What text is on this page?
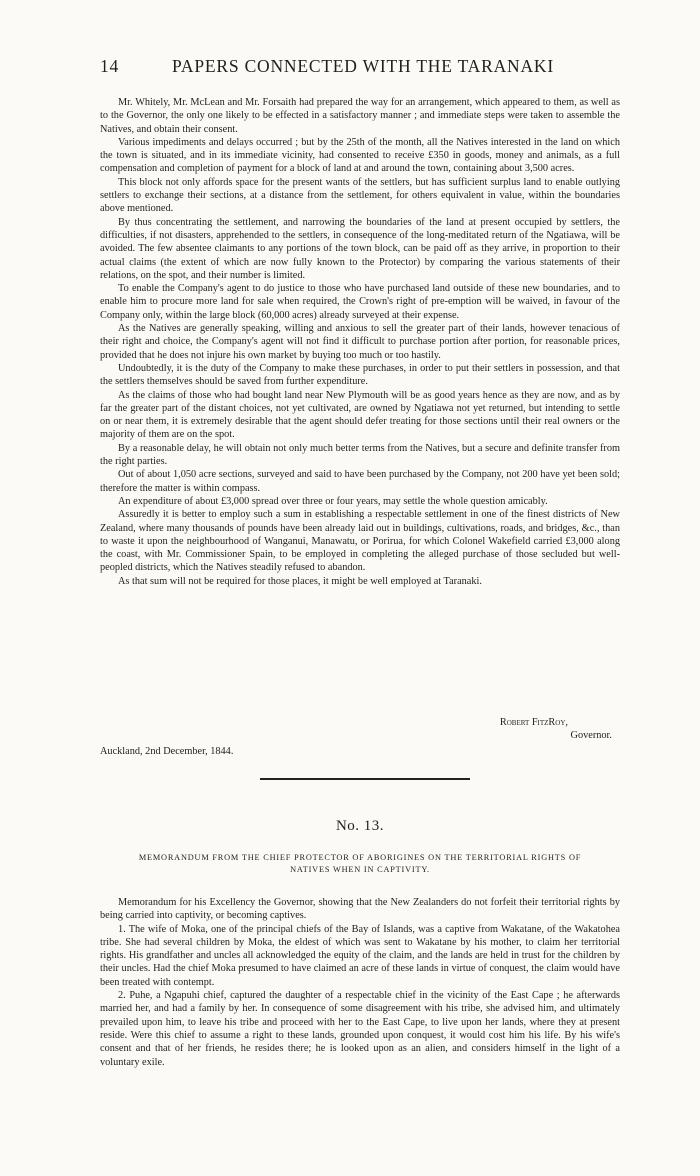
14	PAPERS CONNECTED WITH THE TARANAKI

Mr. Whitely, Mr. McLean and Mr. Forsaith had prepared the way for an arrangement, which appeared to them, as well as to the Governor, the only one likely to be effected in a satisfactory manner ; and immediate steps were taken to assemble the Natives, and obtain their consent.

Various impediments and delays occurred ; but by the 25th of the month, all the Natives interested in the land on which the town is situated, and in its immediate vicinity, had consented to receive £350 in goods, money and animals, as a full compensation and completion of payment for a block of land at and around the town, containing about 3,500 acres.

This block not only affords space for the present wants of the settlers, but has sufficient surplus land to enable outlying settlers to exchange their sections, at a distance from the settlement, for others equivalent in value, within the boundaries above mentioned.

By thus concentrating the settlement, and narrowing the boundaries of the land at present occupied by settlers, the difficulties, if not disasters, apprehended to the settlers, in consequence of the long-meditated return of the Ngatiawa, will be avoided. The few absentee claimants to any portions of the town block, can be paid off as they arrive, in proportion to their actual claims (the extent of which are now fully known to the Protector) by comparing the various statements of their relations, on the spot, and their number is limited.

To enable the Company's agent to do justice to those who have purchased land outside of these new boundaries, and to enable him to procure more land for sale when required, the Crown's right of pre-emption will be waived, in favour of the Company only, within the large block (60,000 acres) already surveyed at their expense.

As the Natives are generally speaking, willing and anxious to sell the greater part of their lands, however tenacious of their right and choice, the Company's agent will not find it difficult to purchase portion after portion, for reasonable prices, provided that he does not injure his own market by buying too much or too hastily.

Undoubtedly, it is the duty of the Company to make these purchases, in order to put their settlers in possession, and that the settlers themselves should be saved from further expenditure.

As the claims of those who had bought land near New Plymouth will be as good years hence as they are now, and as by far the greater part of the distant choices, not yet cultivated, are owned by Ngatiawa not yet returned, but intending to settle on or near them, it is extremely desirable that the agent should defer treating for those sections until their real owners or the majority of them are on the spot.

By a reasonable delay, he will obtain not only much better terms from the Natives, but a secure and definite transfer from the right parties.

Out of about 1,050 acre sections, surveyed and said to have been purchased by the Company, not 200 have yet been sold; therefore the matter is within compass.

An expenditure of about £3,000 spread over three or four years, may settle the whole question amicably.

Assuredly it is better to employ such a sum in establishing a respectable settlement in one of the finest districts of New Zealand, where many thousands of pounds have been already laid out in buildings, cultivations, roads, and bridges, &c., than to waste it upon the neighbourhood of Wanganui, Manawatu, or Porirua, for which Colonel Wakefield carried £3,000 along the coast, with Mr. Commissioner Spain, to be employed in completing the alleged purchase of those secluded but well-peopled districts, which the Natives steadily refused to abandon.

As that sum will not be required for those places, it might be well employed at Taranaki.

Robert FitzRoy,
Governor.
Auckland, 2nd December, 1844.
No. 13.
MEMORANDUM FROM THE CHIEF PROTECTOR OF ABORIGINES ON THE TERRITORIAL RIGHTS OF
NATIVES WHEN IN CAPTIVITY.

Memorandum for his Excellency the Governor, showing that the New Zealanders do not forfeit their territorial rights by being carried into captivity, or becoming captives.

1. The wife of Moka, one of the principal chiefs of the Bay of Islands, was a captive from Wakatane, of the Wakatohea tribe. She had several children by Moka, the eldest of which was sent to Wakatane by his mother, to claim her territorial rights. His grandfather and uncles all acknowledged the equity of the claim, and the lands are held in trust for the children by their uncles. Had the chief Moka presumed to have claimed an acre of these lands in virtue of conquest, the claim would have been treated with contempt.

2. Puhe, a Ngapuhi chief, captured the daughter of a respectable chief in the vicinity of the East Cape ; he afterwards married her, and had a family by her. In consequence of some disagreement with his tribe, she advised him, and ultimately prevailed upon him, to leave his tribe and proceed with her to the East Cape, to live upon her lands, where they at present reside. Were this chief to assume a right to these lands, grounded upon conquest, it would cost him his life. By his wife's consent and that of her friends, he resides there; he is looked upon as an alien, and considers himself in the light of a voluntary exile.
